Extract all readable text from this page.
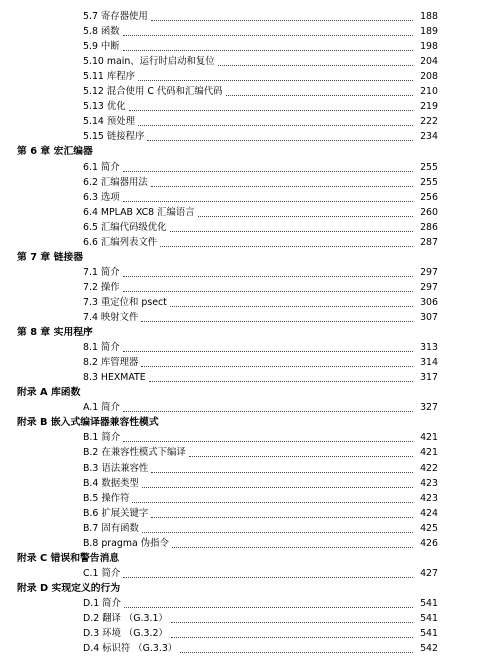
5.7 寄存器使用	188
5.8 函数	189
5.9 中断	198
5.10 main、运行时启动和复位	204
5.11 库程序	208
5.12 混合使用 C 代码和汇编代码	210
5.13 优化	219
5.14 预处理	222
5.15 链接程序	234
第 6 章 宏汇编器
6.1 简介	255
6.2 汇编器用法	255
6.3 选项	256
6.4 MPLAB XC8 汇编语言	260
6.5 汇编代码级优化	286
6.6 汇编列表文件	287
第 7 章 链接器
7.1 简介	297
7.2 操作	297
7.3 重定位和 psect	306
7.4 映射文件	307
第 8 章 实用程序
8.1 简介	313
8.2 库管理器	314
8.3 HEXMATE	317
附录 A 库函数
A.1 简介	327
附录 B 嵌入式编译器兼容性模式
B.1 简介	421
B.2 在兼容性模式下编译	421
B.3 语法兼容性	422
B.4 数据类型	423
B.5 操作符	423
B.6 扩展关键字	424
B.7 固有函数	425
B.8 pragma 伪指令	426
附录 C 错误和警告消息
C.1 简介	427
附录 D 实现定义的行为
D.1 简介	541
D.2 翻译 （G.3.1）	541
D.3 环境 （G.3.2）	541
D.4 标识符 （G.3.3）	542
